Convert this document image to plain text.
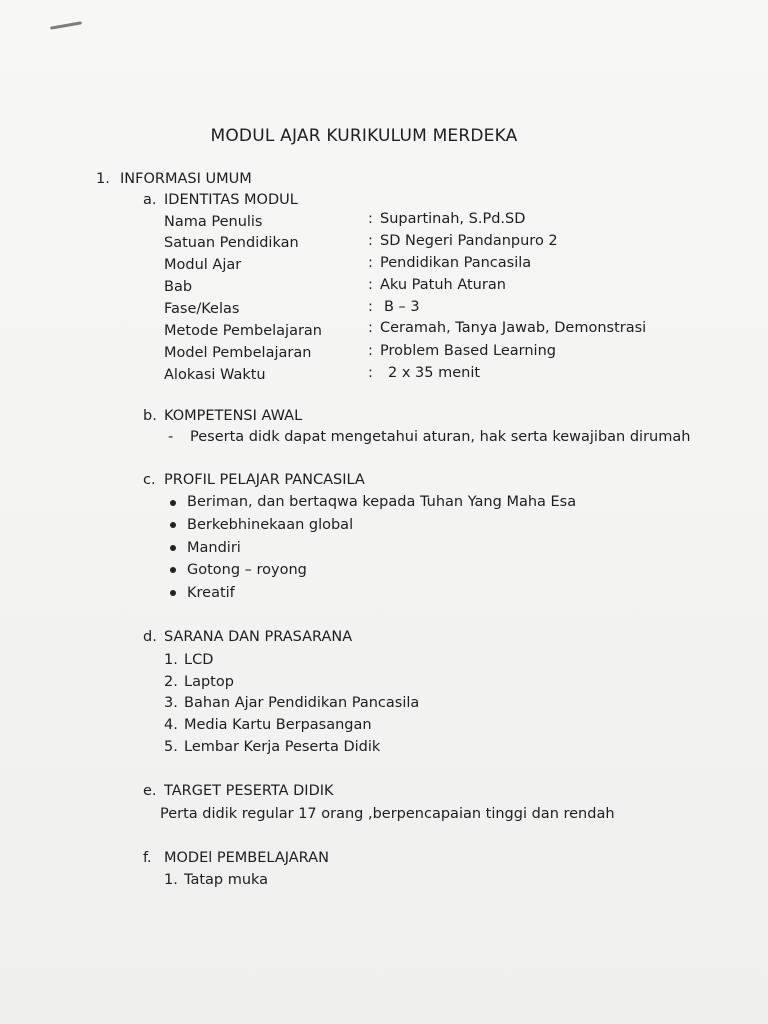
MODUL AJAR KURIKULUM MERDEKA
1. INFORMASI UMUM
a. IDENTITAS MODUL
Nama Penulis	: Supartinah, S.Pd.SD
Satuan Pendidikan	: SD Negeri Pandanpuro 2
Modul Ajar	: Pendidikan Pancasila
Bab	: Aku Patuh Aturan
Fase/Kelas	: B – 3
Metode Pembelajaran	: Ceramah, Tanya Jawab, Demonstrasi
Model Pembelajaran	: Problem Based Learning
Alokasi Waktu	: 2 x 35 menit
b. KOMPETENSI AWAL
- Peserta didk dapat mengetahui aturan, hak serta kewajiban dirumah
c. PROFIL PELAJAR PANCASILA
Beriman, dan bertaqwa kepada Tuhan Yang Maha Esa
Berkebhinekaan global
Mandiri
Gotong – royong
Kreatif
d. SARANA DAN PRASARANA
1. LCD
2. Laptop
3. Bahan Ajar Pendidikan Pancasila
4. Media Kartu Berpasangan
5. Lembar Kerja Peserta Didik
e. TARGET PESERTA DIDIK
Perta didik regular 17 orang ,berpencapaian tinggi dan rendah
f. MODEl PEMBELAJARAN
1. Tatap muka
